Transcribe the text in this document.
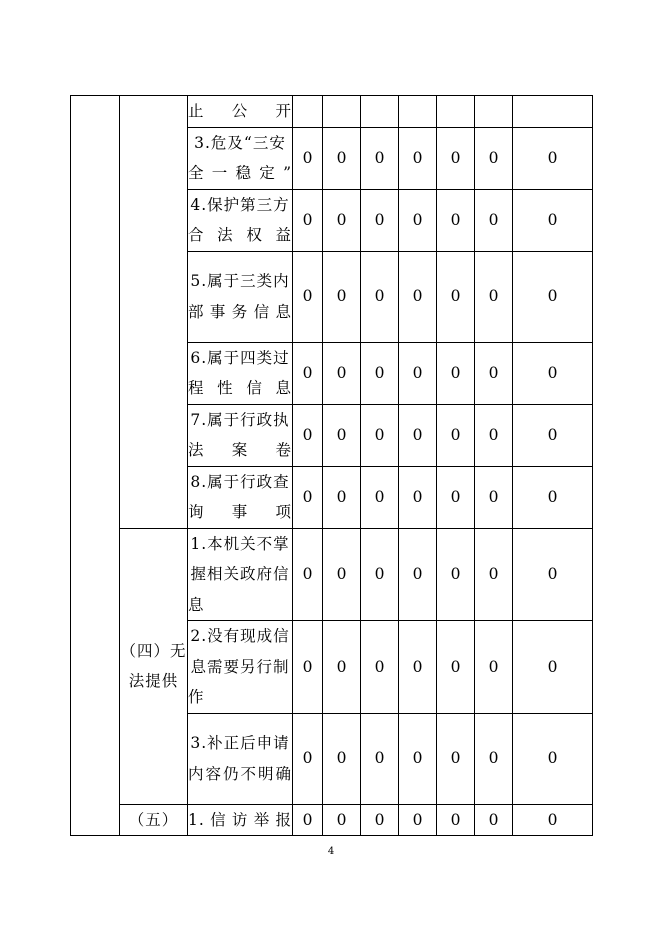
		止公开							

		3.危及“三安全一稳定”	0	0	0	0	0	0	0

		4.保护第三方合法权益	0	0	0	0	0	0	0

		5.属于三类内部事务信息	0	0	0	0	0	0	0

		6.属于四类过程性信息	0	0	0	0	0	0	0

		7.属于行政执法案卷	0	0	0	0	0	0	0

		8.属于行政查询事项	0	0	0	0	0	0	0
	（四）无法提供	1.本机关不掌握相关政府信息	0	0	0	0	0	0	0

		2.没有现成信息需要另行制作	0	0	0	0	0	0	0

		3.补正后申请内容仍不明确	0	0	0	0	0	0	0
	（五）	1.信访举报	0	0	0	0	0	0	0
4
